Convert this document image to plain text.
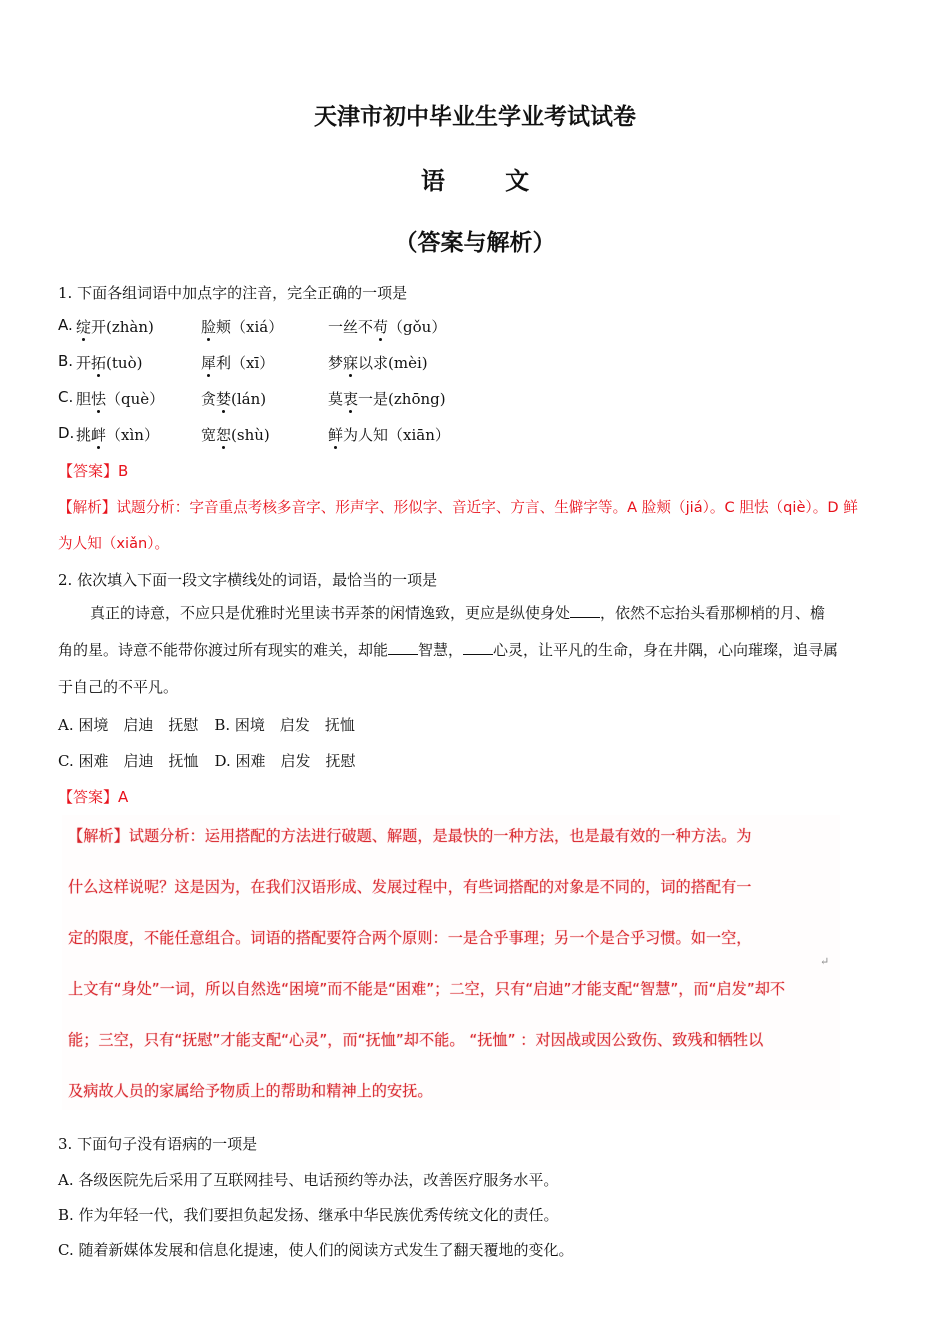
天津市初中毕业生学业考试试卷
语 文
（答案与解析）
1. 下面各组词语中加点字的注音，完全正确的一项是
A. 绽开(zhàn)	脸颊（xiá）	一丝不苟（gǒu）
B. 开拓(tuò)	犀利（xī）	梦寐以求(mèi)
C. 胆怯（què） 贪婪(lán)	莫衷一是(zhōng)
D. 挑衅（xìn）	宽恕(shù)	鲜为人知（xiān）
【答案】B
【解析】试题分析：字音重点考核多音字、形声字、形似字、音近字、方言、生僻字等。A 脸颊（jiá）。C 胆怯（qiè）。D 鲜
为人知（xiǎn）。
2. 依次填入下面一段文字横线处的词语，最恰当的一项是
真正的诗意，不应只是优雅时光里读书弄茶的闲情逸致，更应是纵使身处 ，依然不忘抬头看那柳梢的月、檐
角的星。诗意不能带你渡过所有现实的难关，却能 智慧， 心灵，让平凡的生命，身在井隅，心向璀璨，追寻属
于自己的不平凡。
A. 困境　启迪　抚慰 B. 困境　启发　抚恤
C. 困难　启迪　抚恤 D. 困难　启发　抚慰
【答案】A
【解析】试题分析：运用搭配的方法进行破题、解题，是最快的一种方法，也是最有效的一种方法。为
什么这样说呢？这是因为，在我们汉语形成、发展过程中，有些词搭配的对象是不同的，词的搭配有一
定的限度，不能任意组合。词语的搭配要符合两个原则：一是合乎事理；另一个是合乎习惯。如一空，
上文有“身处”一词，所以自然选“困境”而不能是“困难”；二空，只有“启迪”才能支配“智慧”，而“启发”却不
能；三空，只有“抚慰”才能支配“心灵”，而“抚恤”却不能。 “抚恤” ：对因战或因公致伤、致残和牺牲以
及病故人员的家属给予物质上的帮助和精神上的安抚。
↵
3. 下面句子没有语病的一项是
A. 各级医院先后采用了互联网挂号、电话预约等办法，改善医疗服务水平。
B. 作为年轻一代，我们要担负起发扬、继承中华民族优秀传统文化的责任。
C. 随着新媒体发展和信息化提速，使人们的阅读方式发生了翻天覆地的变化。
